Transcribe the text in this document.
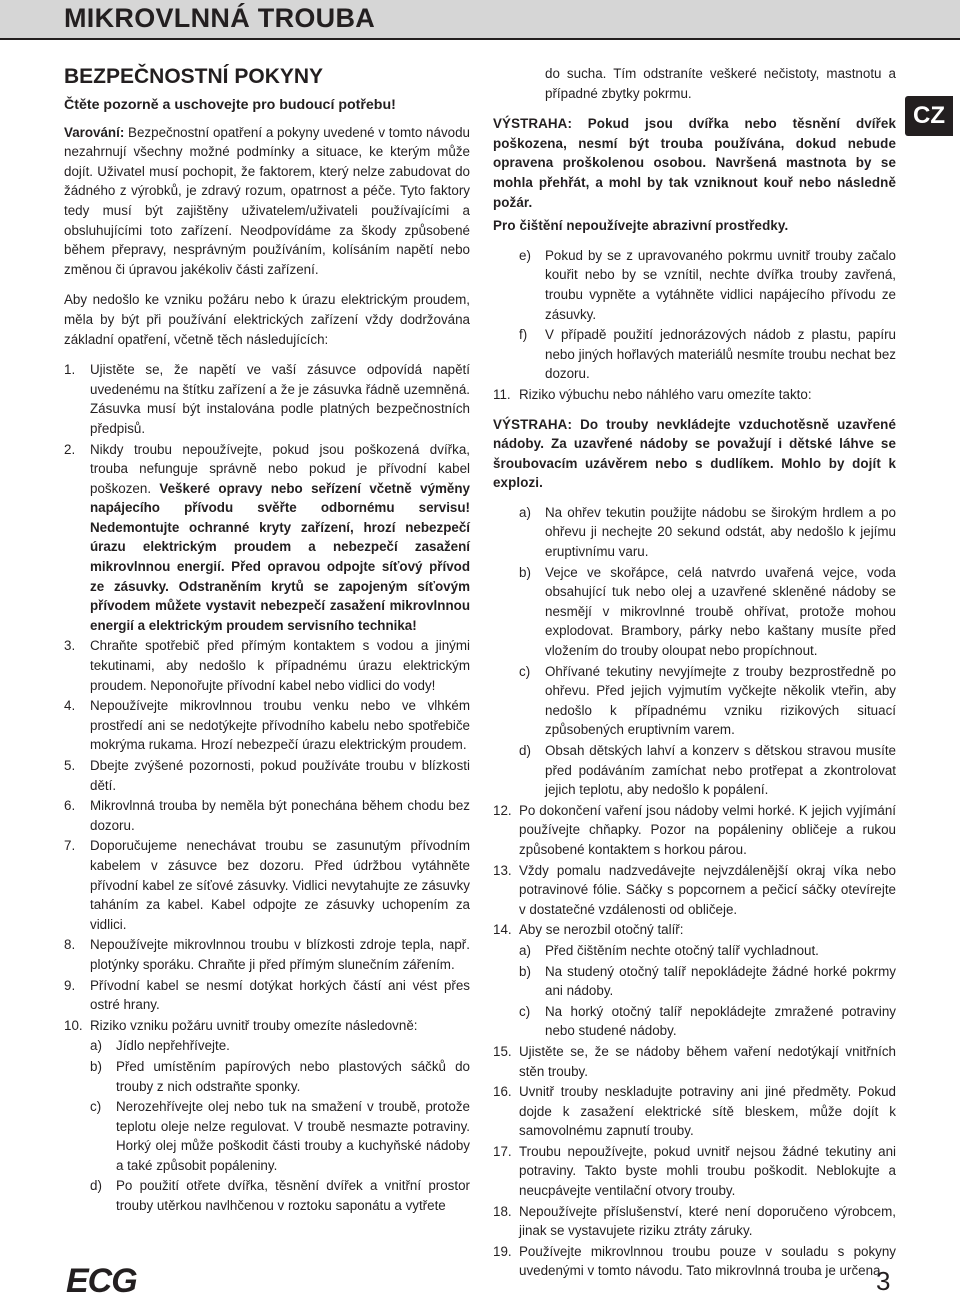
MIKROVLNNÁ TROUBA
CZ
BEZPEČNOSTNÍ POKYNY
Čtěte pozorně a uschovejte pro budoucí potřebu!

Varování: Bezpečnostní opatření a pokyny uvedené v tomto návodu nezahrnují všechny možné podmínky a situace, ke kterým může dojít. Uživatel musí pochopit, že faktorem, který nelze zabudovat do žádného z výrobků, je zdravý rozum, opatrnost a péče. Tyto faktory tedy musí být zajištěny uživatelem/uživateli používajícími a obsluhujícími toto zařízení. Neodpovídáme za škody způsobené během přepravy, nesprávným používáním, kolísáním napětí nebo změnou či úpravou jakékoliv části zařízení.

Aby nedošlo ke vzniku požáru nebo k úrazu elektrickým proudem, měla by být při používání elektrických zařízení vždy dodržována základní opatření, včetně těch následujících:

1.	Ujistěte se, že napětí ve vaší zásuvce odpovídá napětí uvedenému na štítku zařízení a že je zásuvka řádně uzemněná. Zásuvka musí být instalována podle platných bezpečnostních předpisů.
2.	Nikdy troubu nepoužívejte, pokud jsou poškozená dvířka, trouba nefunguje správně nebo pokud je přívodní kabel poškozen. Veškeré opravy nebo seřízení včetně výměny napájecího přívodu svěřte odbornému servisu! Nedemontujte ochranné kryty zařízení, hrozí nebezpečí úrazu elektrickým proudem a nebezpečí zasažení mikrovlnnou energií. Před opravou odpojte síťový přívod ze zásuvky. Odstraněním krytů se zapojeným síťovým přívodem můžete vystavit nebezpečí zasažení mikrovlnnou energií a elektrickým proudem servisního technika!
3.	Chraňte spotřebič před přímým kontaktem s vodou a jinými tekutinami, aby nedošlo k případnému úrazu elektrickým proudem. Neponořujte přívodní kabel nebo vidlici do vody!
4.	Nepoužívejte mikrovlnnou troubu venku nebo ve vlhkém prostředí ani se nedotýkejte přívodního kabelu nebo spotřebiče mokrýma rukama. Hrozí nebezpečí úrazu elektrickým proudem.
5.	Dbejte zvýšené pozornosti, pokud používáte troubu v blízkosti dětí.
6.	Mikrovlnná trouba by neměla být ponechána během chodu bez dozoru.
7.	Doporučujeme nenechávat troubu se zasunutým přívodním kabelem v zásuvce bez dozoru. Před údržbou vytáhněte přívodní kabel ze síťové zásuvky. Vidlici nevytahujte ze zásuvky taháním za kabel. Kabel odpojte ze zásuvky uchopením za vidlici.
8.	Nepoužívejte mikrovlnnou troubu v blízkosti zdroje tepla, např. plotýnky sporáku. Chraňte ji před přímým slunečním zářením.
9.	Přívodní kabel se nesmí dotýkat horkých částí ani vést přes ostré hrany.
10. Riziko vzniku požáru uvnitř trouby omezíte následovně:
a)	Jídlo nepřehřívejte.
b)	Před umístěním papírových nebo plastových sáčků do trouby z nich odstraňte sponky.
c)	Nerozehřívejte olej nebo tuk na smažení v troubě, protože teplotu oleje nelze regulovat. V troubě nesmazte potraviny. Horký olej může poškodit části trouby a kuchyňské nádoby a také způsobit popáleniny.
d)	Po použití otřete dvířka, těsnění dvířek a vnitřní prostor trouby utěrkou navlhčenou v roztoku saponátu a vytřete

do sucha. Tím odstraníte veškeré nečistoty, mastnotu a případné zbytky pokrmu.

VÝSTRAHA: Pokud jsou dvířka nebo těsnění dvířek poškozena, nesmí být trouba používána, dokud nebude opravena proškolenou osobou. Navršená mastnota by se mohla přehřát, a mohl by tak vzniknout kouř nebo následně požár.

Pro čištění nepoužívejte abrazivní prostředky.

e)	Pokud by se z upravovaného pokrmu uvnitř trouby začalo kouřit nebo by se vznítil, nechte dvířka trouby zavřená, troubu vypněte a vytáhněte vidlici napájecího přívodu ze zásuvky.
f)	V případě použití jednorázových nádob z plastu, papíru nebo jiných hořlavých materiálů nesmíte troubu nechat bez dozoru.
11. Riziko výbuchu nebo náhlého varu omezíte takto:

VÝSTRAHA: Do trouby nevkládejte vzduchotěsně uzavřené nádoby. Za uzavřené nádoby se považují i dětské láhve se šroubovacím uzávěrem nebo s dudlíkem. Mohlo by dojít k explozi.

a)	Na ohřev tekutin použijte nádobu se širokým hrdlem a po ohřevu ji nechejte 20 sekund odstát, aby nedošlo k jejímu eruptivnímu varu.
b)	Vejce ve skořápce, celá natvrdo uvařená vejce, voda obsahující tuk nebo olej a uzavřené skleněné nádoby se nesmějí v mikrovlnné troubě ohřívat, protože mohou explodovat. Brambory, párky nebo kaštany musíte před vložením do trouby oloupat nebo propíchnout.
c)	Ohřívané tekutiny nevyjímejte z trouby bezprostředně po ohřevu. Před jejich vyjmutím vyčkejte několik vteřin, aby nedošlo k případnému vzniku rizikových situací způsobených eruptivním varem.
d)	Obsah dětských lahví a konzerv s dětskou stravou musíte před podáváním zamíchat nebo protřepat a zkontrolovat jejich teplotu, aby nedošlo k popálení.
12. Po dokončení vaření jsou nádoby velmi horké. K jejich vyjímání používejte chňapky. Pozor na popáleniny obličeje a rukou způsobené kontaktem s horkou párou.
13. Vždy pomalu nadzvedávejte nejvzdálenější okraj víka nebo potravinové fólie. Sáčky s popcornem a pečicí sáčky otevírejte v dostatečné vzdálenosti od obličeje.
14. Aby se nerozbil otočný talíř:
a)	Před čištěním nechte otočný talíř vychladnout.
b)	Na studený otočný talíř nepokládejte žádné horké pokrmy ani nádoby.
c)	Na horký otočný talíř nepokládejte zmražené potraviny nebo studené nádoby.
15. Ujistěte se, že se nádoby během vaření nedotýkají vnitřních stěn trouby.
16. Uvnitř trouby neskladujte potraviny ani jiné předměty. Pokud dojde k zasažení elektrické sítě bleskem, může dojít k samovolnému zapnutí trouby.
17. Troubu nepoužívejte, pokud uvnitř nejsou žádné tekutiny ani potraviny. Takto byste mohli troubu poškodit. Neblokujte a neucpávejte ventilační otvory trouby.
18. Nepoužívejte příslušenství, které není doporučeno výrobcem, jinak se vystavujete riziku ztráty záruky.
19. Používejte mikrovlnnou troubu pouze v souladu s pokyny uvedenými v tomto návodu. Tato mikrovlnná trouba je určena
ECG	3
